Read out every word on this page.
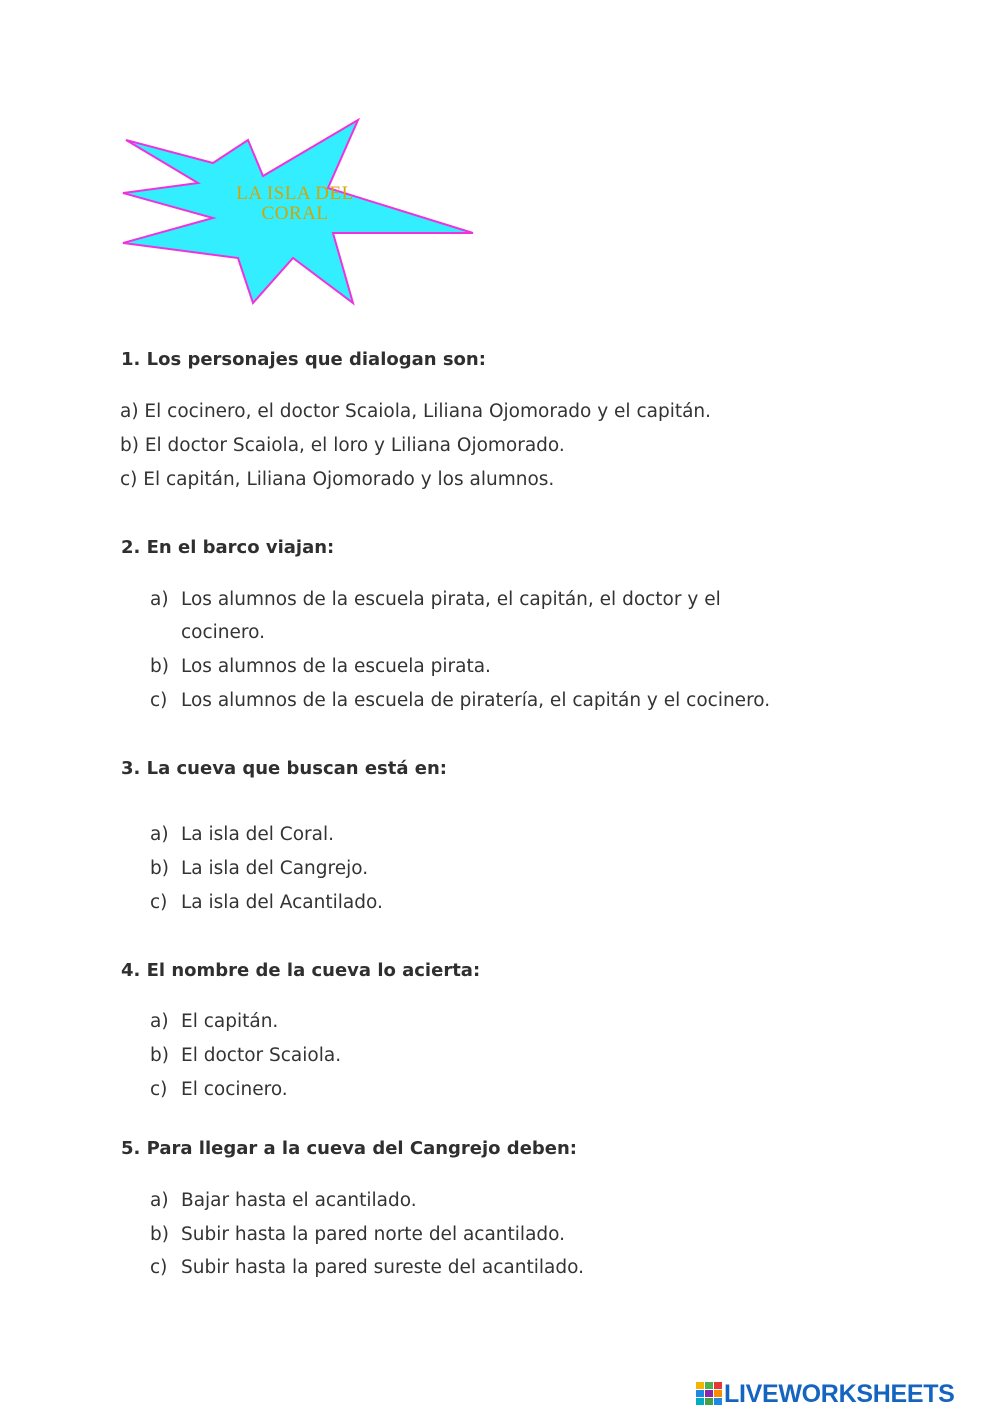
LA ISLA DEL
CORAL
1. Los personajes que dialogan son:
a) El cocinero, el doctor Scaiola, Liliana Ojomorado y el capitán.
b) El doctor Scaiola, el loro y Liliana Ojomorado.
c) El capitán, Liliana Ojomorado y los alumnos.
2. En el barco viajan:
a) Los alumnos de la escuela pirata, el capitán, el doctor y el
cocinero.
b) Los alumnos de la escuela pirata.
c) Los alumnos de la escuela de piratería, el capitán y el cocinero.
3. La cueva que buscan está en:
a) La isla del Coral.
b) La isla del Cangrejo.
c) La isla del Acantilado.
4. El nombre de la cueva lo acierta:
a) El capitán.
b) El doctor Scaiola.
c) El cocinero.
5. Para llegar a la cueva del Cangrejo deben:
a) Bajar hasta el acantilado.
b) Subir hasta la pared norte del acantilado.
c) Subir hasta la pared sureste del acantilado.
LIVEWORKSHEETS
